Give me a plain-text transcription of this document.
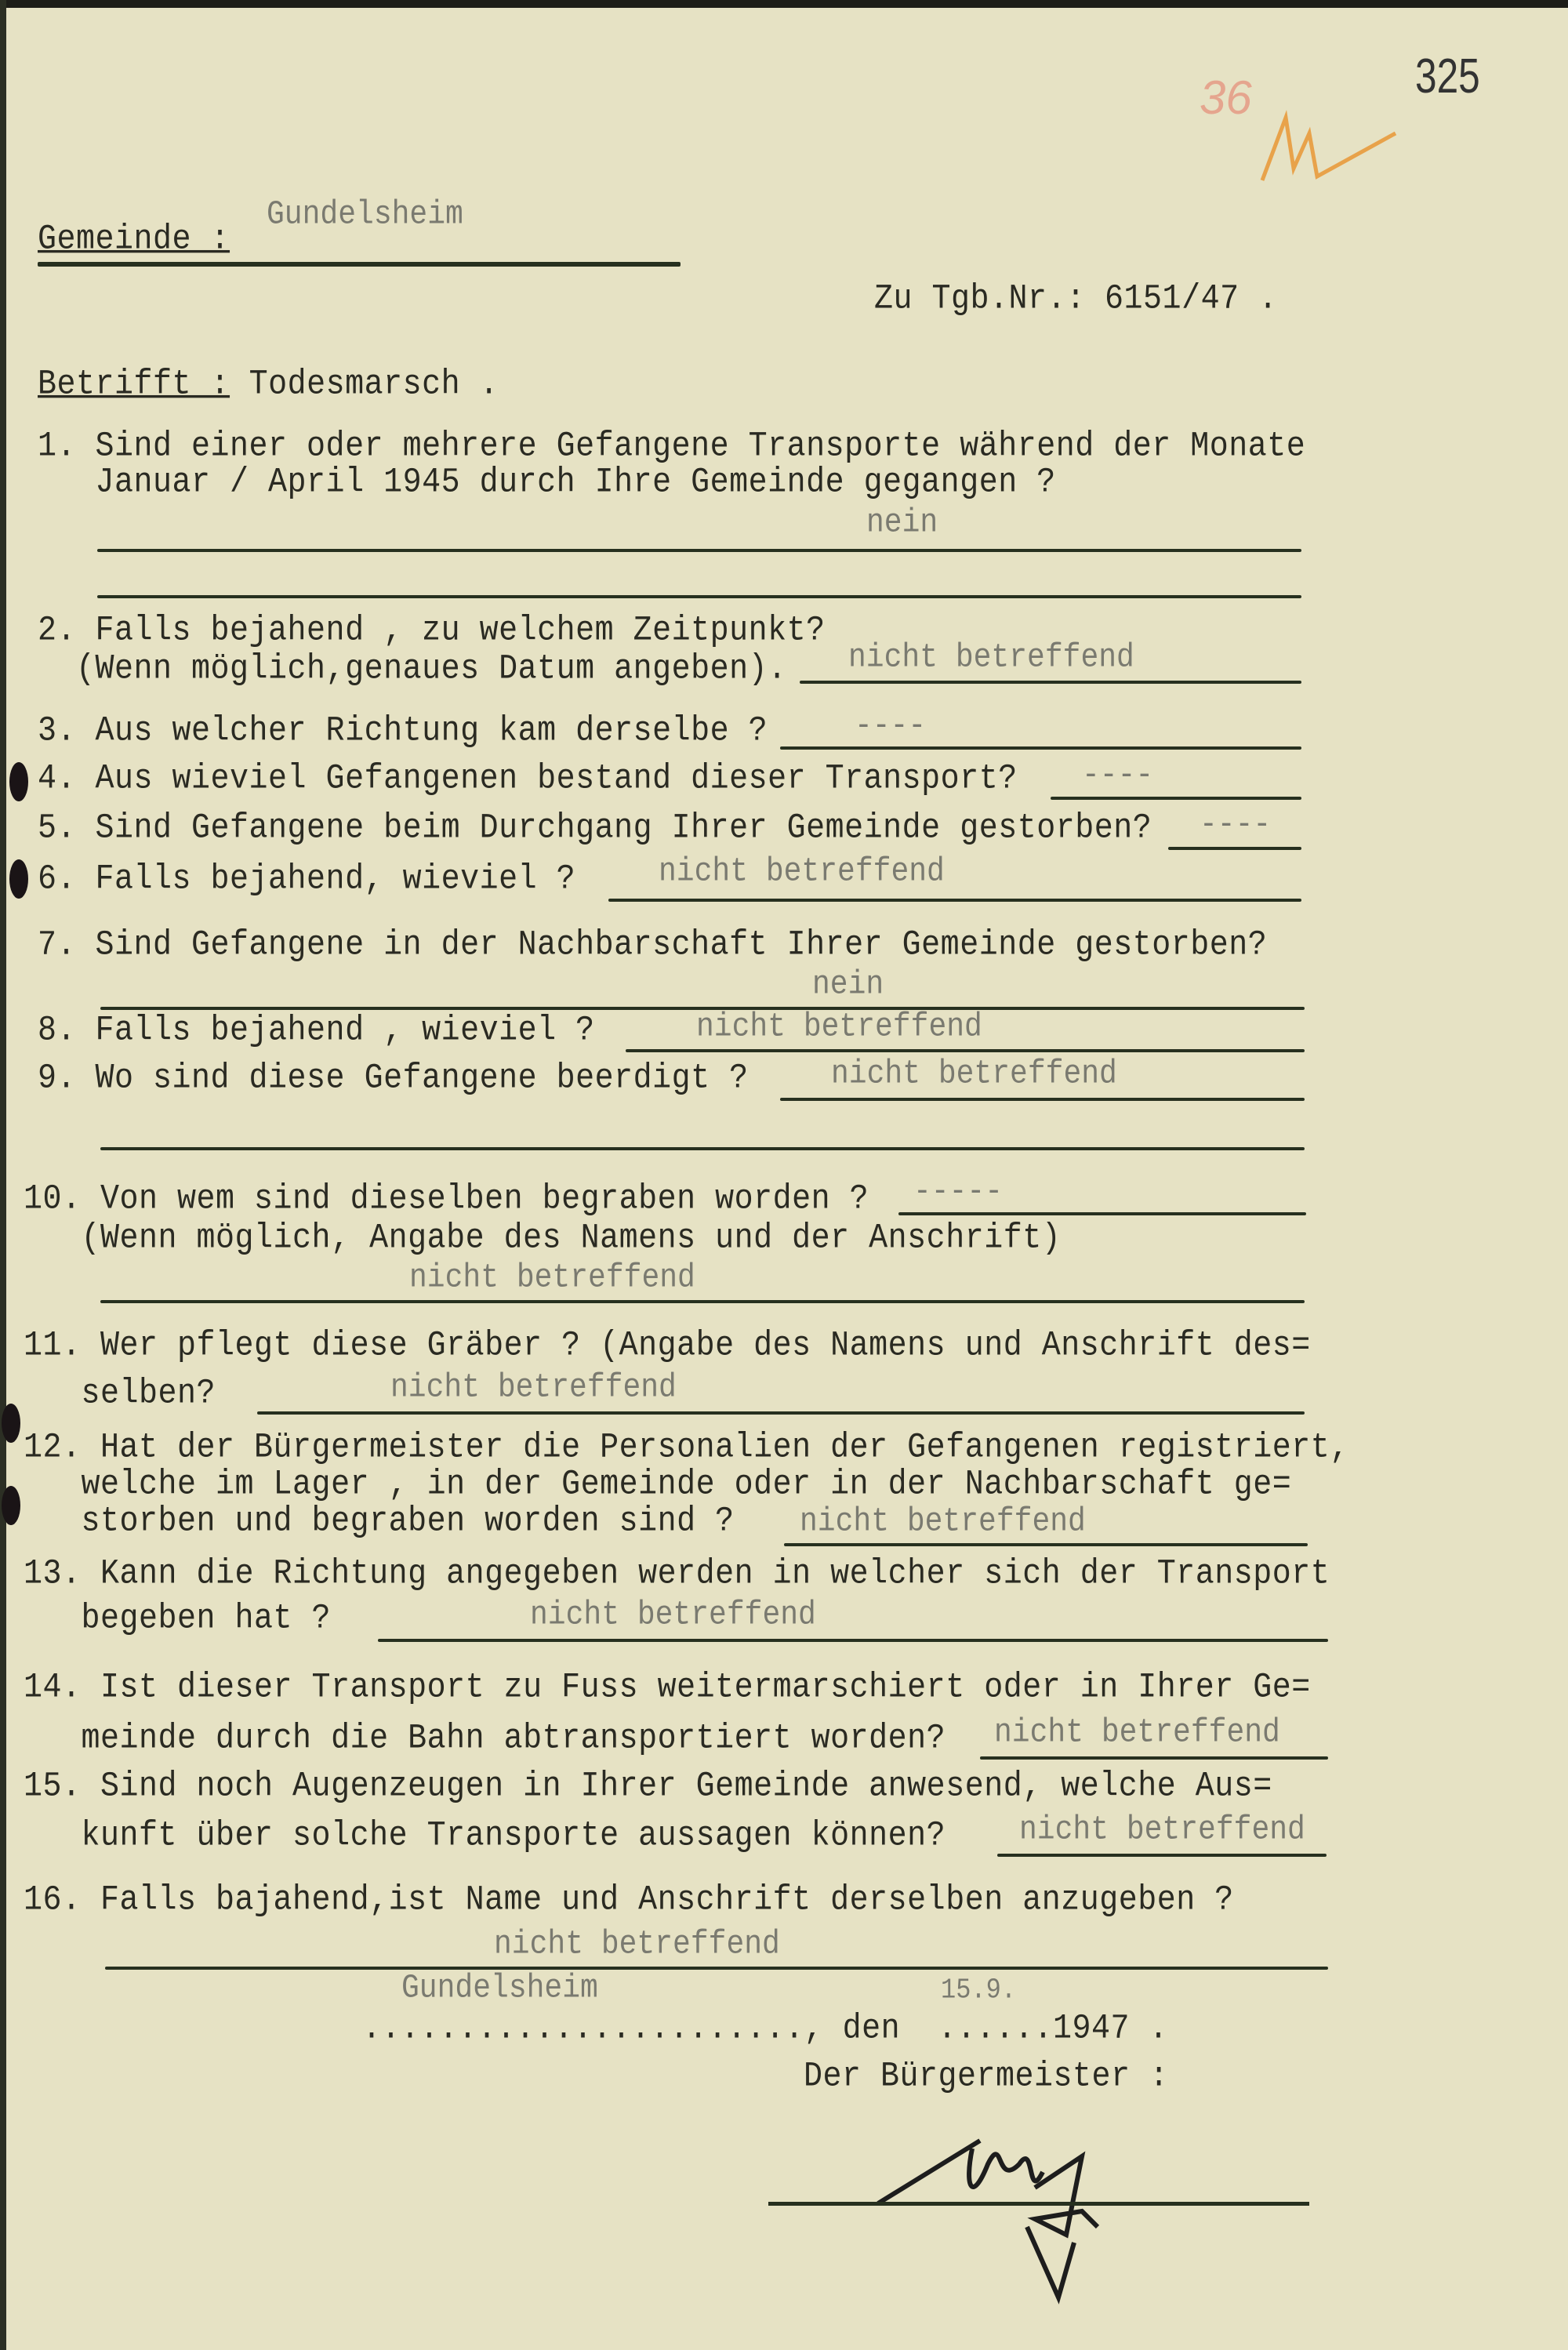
325
36
Gundelsheim
Gemeinde :
Zu Tgb.Nr.: 6151/47 .
Betrifft : Todesmarsch .
1. Sind einer oder mehrere Gefangene Transporte während der Monate
Januar / April 1945 durch Ihre Gemeinde gegangen ?
nein
2. Falls bejahend , zu welchem Zeitpunkt?
(Wenn möglich,genaues Datum angeben). nicht betreffend
3. Aus welcher Richtung kam derselbe ?	----
4. Aus wieviel Gefangenen bestand dieser Transport? ----
5. Sind Gefangene beim Durchgang Ihrer Gemeinde gestorben? ----
6. Falls bejahend, wieviel ?	nicht betreffend
7. Sind Gefangene in der Nachbarschaft Ihrer Gemeinde gestorben?
nein
8. Falls bejahend , wieviel ?	nicht betreffend
9. Wo sind diese Gefangene beerdigt ?	nicht betreffend
10. Von wem sind dieselben begraben worden ? -----
(Wenn möglich, Angabe des Namens und der Anschrift)
nicht betreffend
11. Wer pflegt diese Gräber ? (Angabe des Namens und Anschrift des=
selben?	nicht betreffend
12. Hat der Bürgermeister die Personalien der Gefangenen registriert,
welche im Lager , in der Gemeinde oder in der Nachbarschaft ge=
storben und begraben worden sind ? nicht betreffend
13. Kann die Richtung angegeben werden in welcher sich der Transport
begeben hat ?	nicht betreffend
14. Ist dieser Transport zu Fuss weitermarschiert oder in Ihrer Ge=
meinde durch die Bahn abtransportiert worden? nicht betreffend
15. Sind noch Augenzeugen in Ihrer Gemeinde anwesend, welche Aus=
kunft über solche Transporte aussagen können? nicht betreffend
16. Falls bajahend,ist Name und Anschrift derselben anzugeben ?
nicht betreffend
Gundelsheim
......................., den
15.9.
......1947 .
Der Bürgermeister :
